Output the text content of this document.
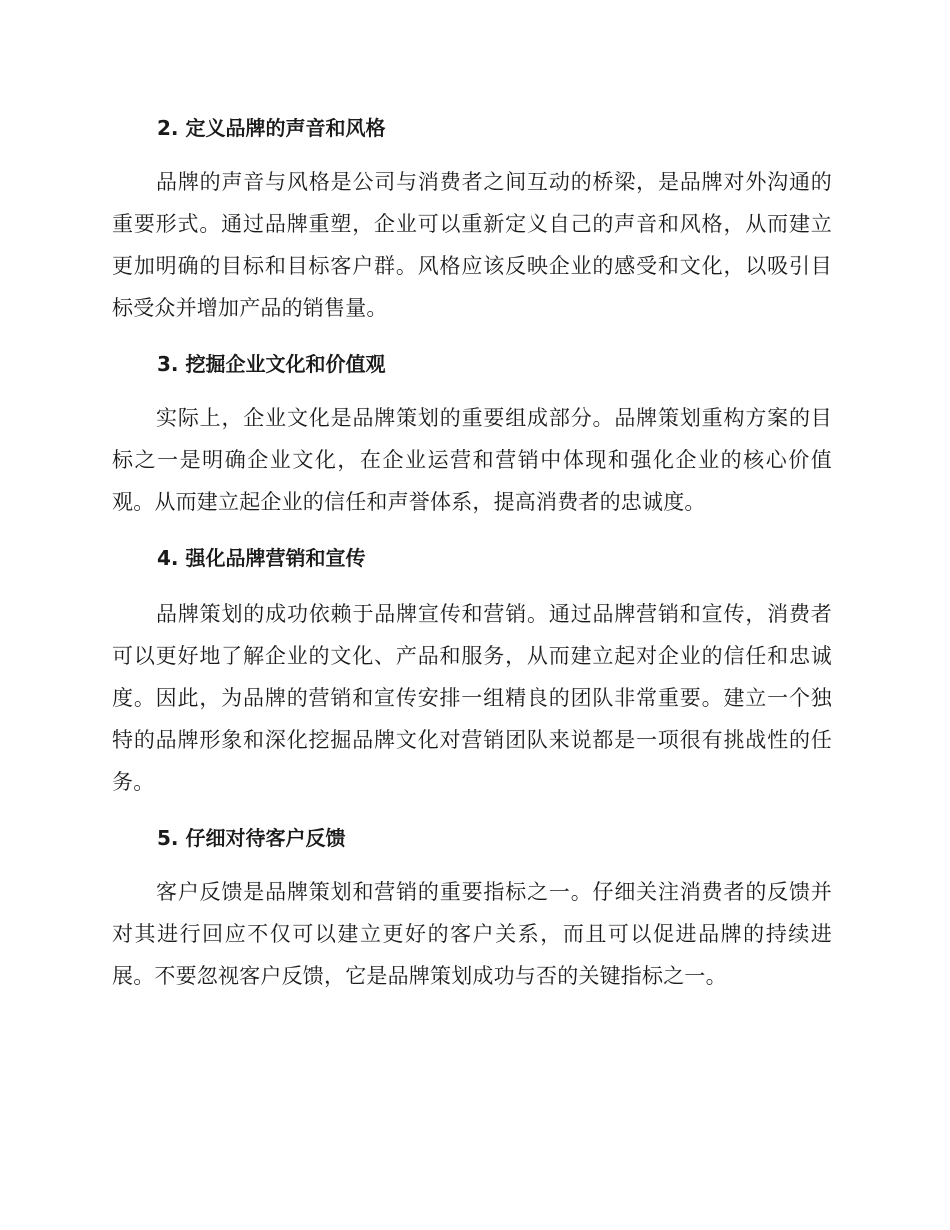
2. 定义品牌的声音和风格

品牌的声音与风格是公司与消费者之间互动的桥梁，是品牌对外沟通的重要形式。通过品牌重塑，企业可以重新定义自己的声音和风格，从而建立更加明确的目标和目标客户群。风格应该反映企业的感受和文化，以吸引目标受众并增加产品的销售量。

3. 挖掘企业文化和价值观

实际上，企业文化是品牌策划的重要组成部分。品牌策划重构方案的目标之一是明确企业文化，在企业运营和营销中体现和强化企业的核心价值观。从而建立起企业的信任和声誉体系，提高消费者的忠诚度。

4. 强化品牌营销和宣传

品牌策划的成功依赖于品牌宣传和营销。通过品牌营销和宣传，消费者可以更好地了解企业的文化、产品和服务，从而建立起对企业的信任和忠诚度。因此，为品牌的营销和宣传安排一组精良的团队非常重要。建立一个独特的品牌形象和深化挖掘品牌文化对营销团队来说都是一项很有挑战性的任务。

5. 仔细对待客户反馈

客户反馈是品牌策划和营销的重要指标之一。仔细关注消费者的反馈并对其进行回应不仅可以建立更好的客户关系，而且可以促进品牌的持续进展。不要忽视客户反馈，它是品牌策划成功与否的关键指标之一。
